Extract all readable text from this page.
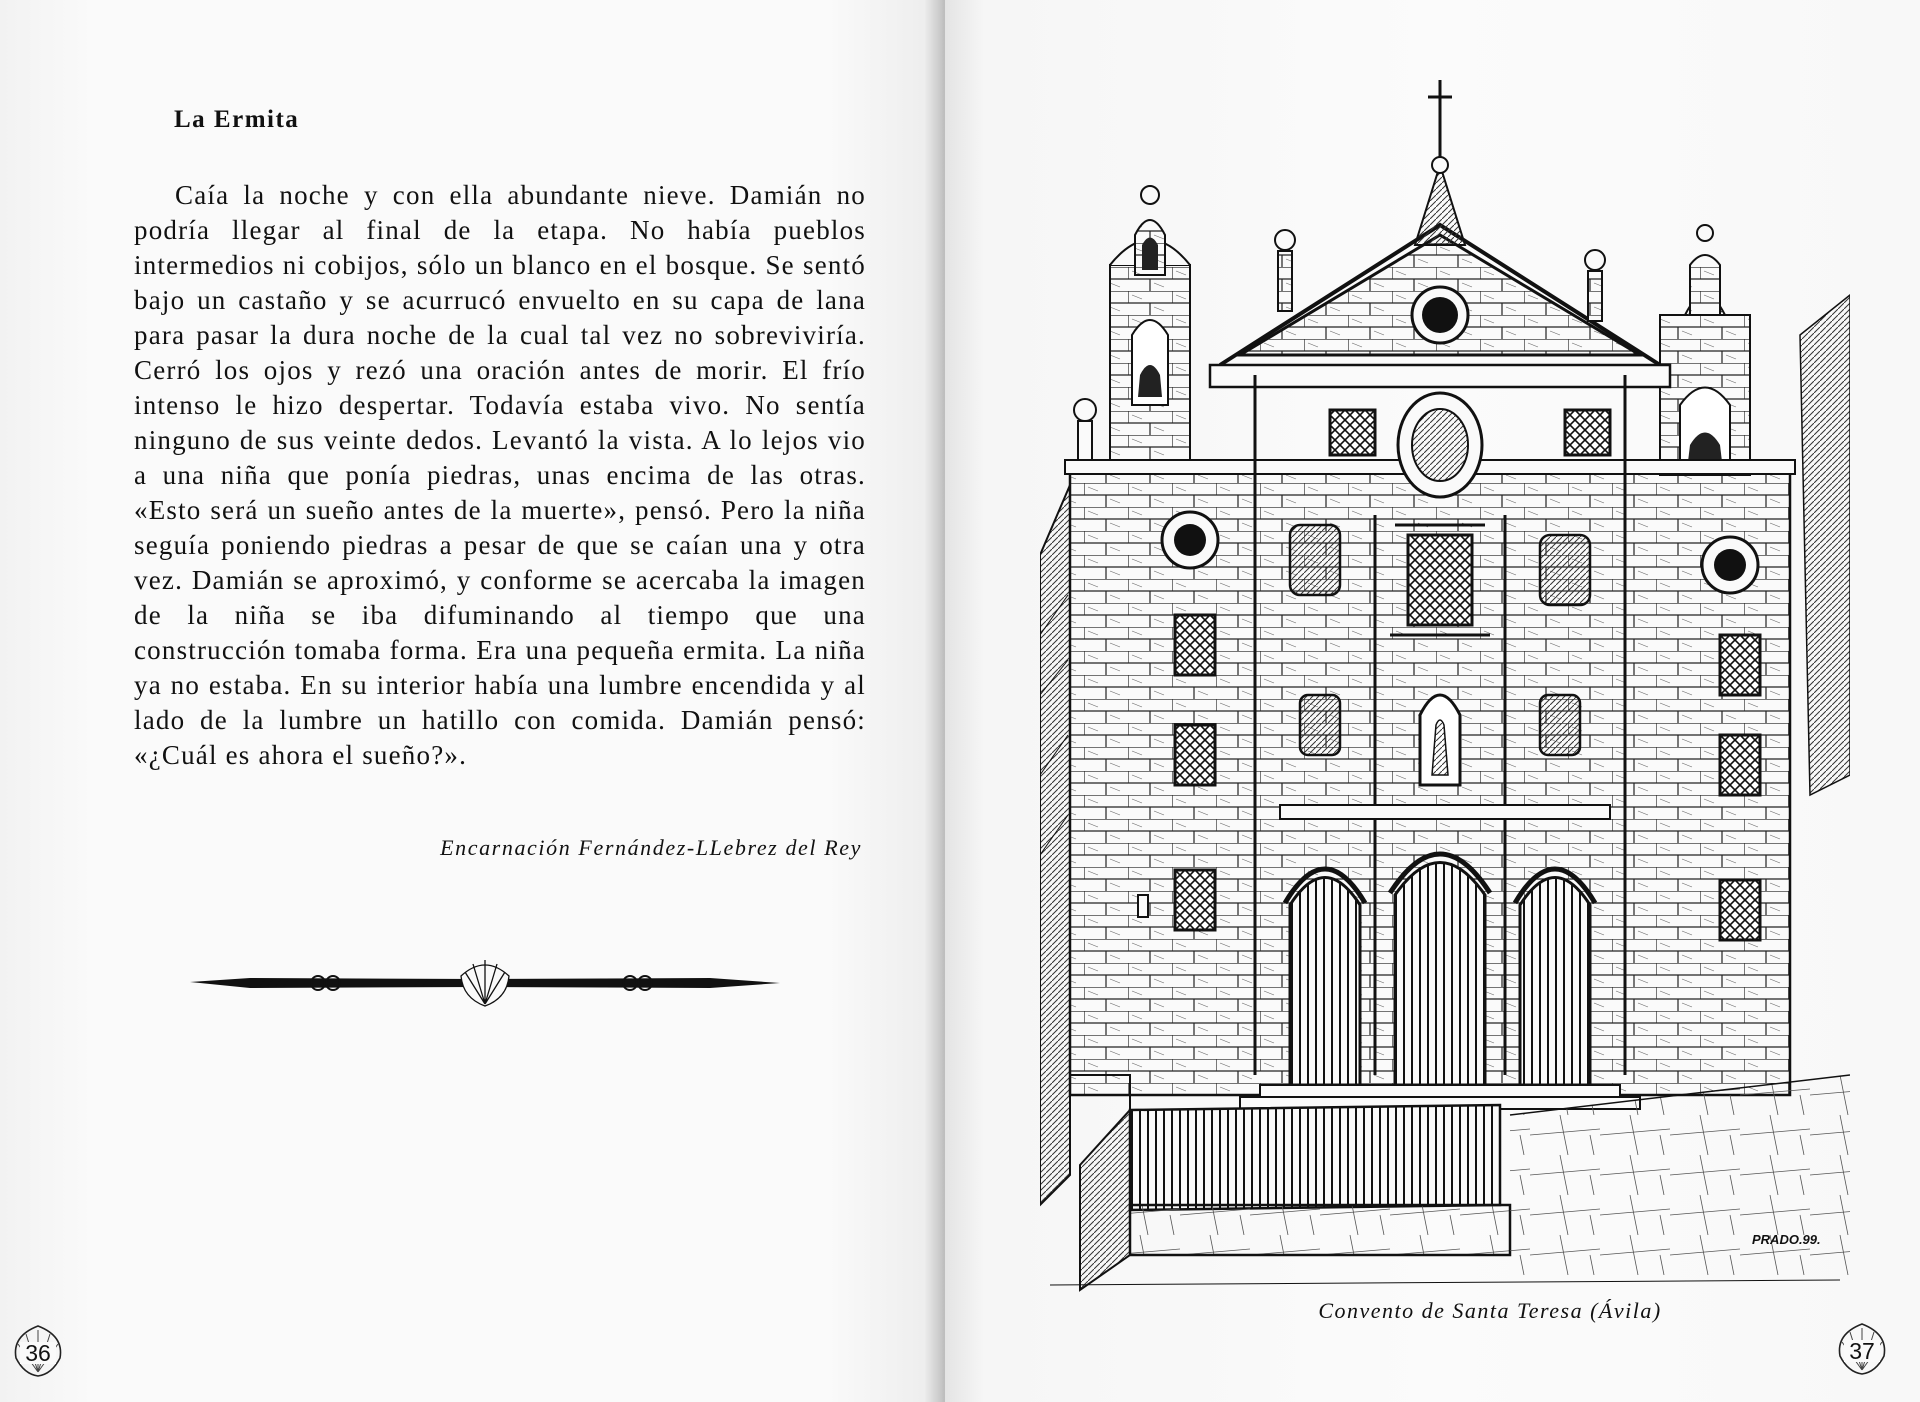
La Ermita

Caía la noche y con ella abundante nieve. Damián no podría llegar al final de la etapa. No había pueblos intermedios ni cobijos, sólo un blanco en el bosque. Se sentó bajo un castaño y se acurrucó envuelto en su capa de lana para pasar la dura noche de la cual tal vez no sobreviviría. Cerró los ojos y rezó una oración antes de morir. El frío intenso le hizo despertar. Todavía estaba vivo. No sentía ninguno de sus veinte dedos. Levantó la vista. A lo lejos vio a una niña que ponía piedras, unas encima de las otras. «Esto será un sueño antes de la muerte», pensó. Pero la niña seguía poniendo piedras a pesar de que se caían una y otra vez. Damián se aproximó, y conforme se acercaba la imagen de la niña se iba difuminando al tiempo que una construcción tomaba forma. Era una pequeña ermita. La niña ya no estaba. En su interior había una lumbre encendida y al lado de la lumbre un hatillo con comida. Damián pensó: «¿Cuál es ahora el sueño?».

Encarnación Fernández-LLebrez del Rey

36
PRADO.99.

Convento de Santa Teresa (Ávila)

37
